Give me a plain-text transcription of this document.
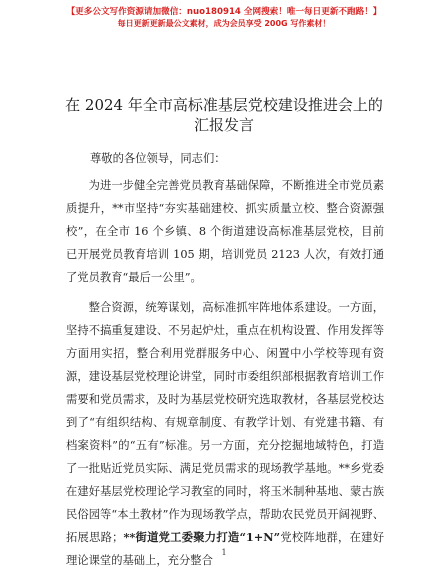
【更多公文写作资源请加微信：nuo180914 全网搜索！唯一每日更新不跑路！】
每日更新更新最公文素材，成为会员享受 200G 写作素材！
在 2024 年全市高标准基层党校建设推进会上的
汇报发言
尊敬的各位领导，同志们：

为进一步健全完善党员教育基础保障，不断推进全市党员素质提升，**市坚持“夯实基础建校、抓实质量立校、整合资源强校”，在全市 16 个乡镇、8 个街道建设高标准基层党校，目前已开展党员教育培训 105 期，培训党员 2123 人次，有效打通了党员教育“最后一公里”。

整合资源，统筹谋划，高标准抓牢阵地体系建设。一方面，坚持不搞重复建设、不另起炉灶，重点在机构设置、作用发挥等方面用实招，整合利用党群服务中心、闲置中小学校等现有资源，建设基层党校理论讲堂，同时市委组织部根据教育培训工作需要和党员需求，及时为基层党校研究选取教材，各基层党校达到了“有组织结构、有规章制度、有教学计划、有党建书籍、有档案资料”的“五有”标准。另一方面，充分挖掘地域特色，打造了一批贴近党员实际、满足党员需求的现场教学基地。**乡党委在建好基层党校理论学习教室的同时，将玉米制种基地、蒙古族民俗园等“本土教材”作为现场教学点，帮助农民党员开阔视野、拓展思路；**街道党工委聚力打造“1+N”党校阵地群，在建好理论课堂的基础上，充分整合

1
